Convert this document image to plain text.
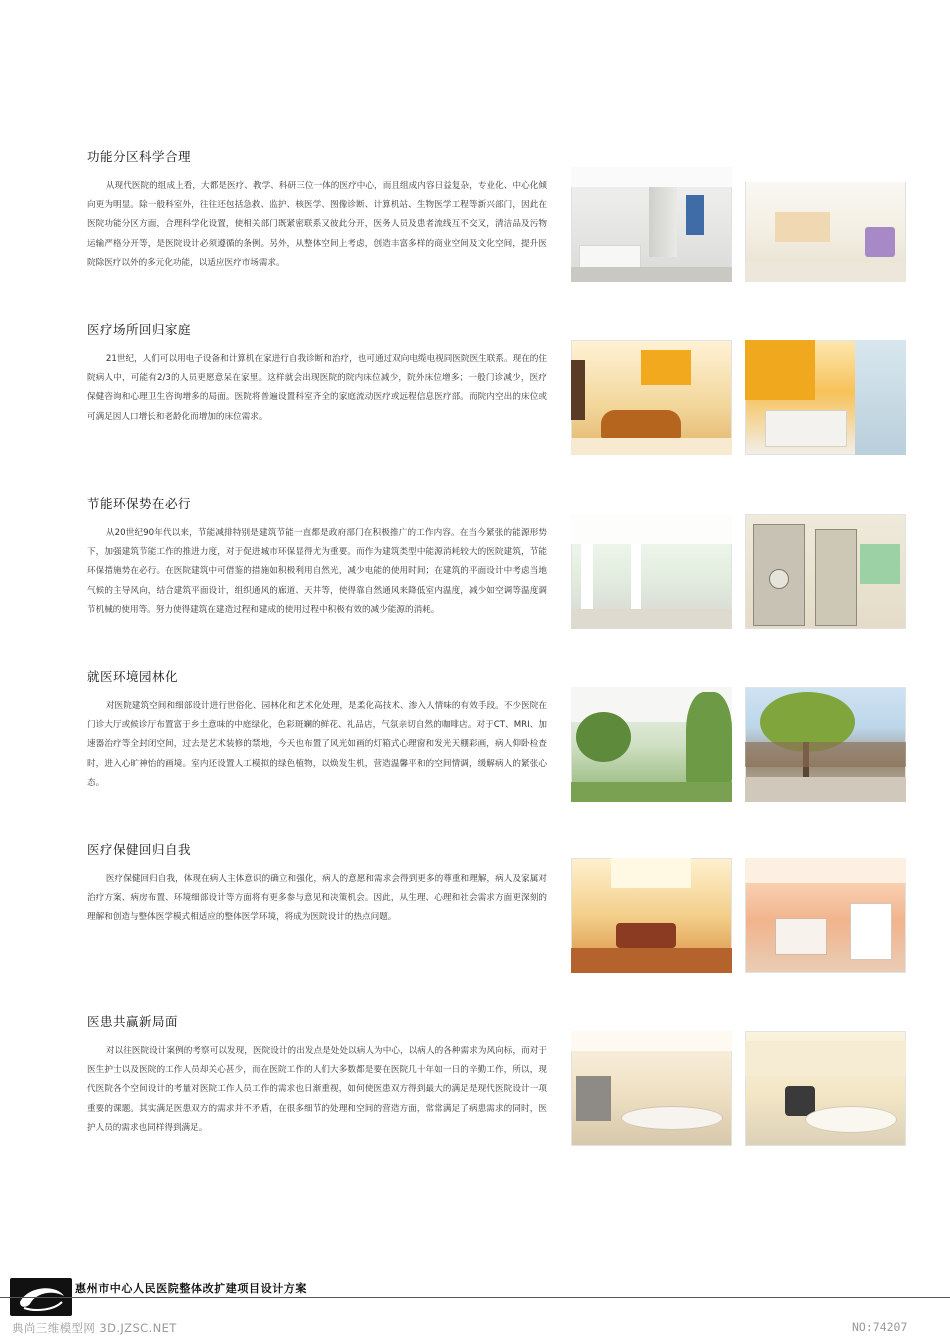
功能分区科学合理

从现代医院的组成上看，大都是医疗、教学、科研三位一体的医疗中心，而且组成内容日益复杂，专业化、中心化倾向更为明显。除一般科室外，往往还包括急救、监护、核医学、图像诊断、计算机站、生物医学工程等新兴部门，因此在医院功能分区方面，合理科学化设置，使相关部门既紧密联系又彼此分开，医务人员及患者流线互不交叉，清洁品及污物运输严格分开等，是医院设计必须遵循的条例。另外，从整体空间上考虑，创造丰富多样的商业空间及文化空间，提升医院除医疗以外的多元化功能，以适应医疗市场需求。

医疗场所回归家庭

21世纪，人们可以用电子设备和计算机在家进行自我诊断和治疗，也可通过双向电缆电视同医院医生联系。现在的住院病人中，可能有2/3的人员更愿意呆在家里。这样就会出现医院的院内床位减少，院外床位增多；一般门诊减少，医疗保健咨询和心理卫生咨询增多的局面。医院将普遍设置科室齐全的家庭流动医疗或远程信息医疗部。而院内空出的床位或可满足因人口增长和老龄化而增加的床位需求。

节能环保势在必行

从20世纪90年代以来，节能减排特别是建筑节能一直都是政府部门在积极推广的工作内容。在当今紧张的能源形势下，加强建筑节能工作的推进力度，对于促进城市环保显得尤为重要。而作为建筑类型中能源消耗较大的医院建筑，节能环保措施势在必行。在医院建筑中可借鉴的措施如积极利用自然光，减少电能的使用时间；在建筑的平面设计中考虑当地气候的主导风向，结合建筑平面设计，组织通风的廊道、天井等，使得靠自然通风来降低室内温度，减少如空调等温度调节机械的使用等。努力使得建筑在建造过程和建成的使用过程中积极有效的减少能源的消耗。

就医环境园林化

对医院建筑空间和细部设计进行世俗化、园林化和艺术化处理，是柔化高技术、渗入人情味的有效手段。不少医院在门诊大厅或候诊厅布置富于乡土意味的中庭绿化，色彩斑斓的鲜花、礼品店，气氛亲切自然的咖啡店。对于CT、MRI、加速器治疗等全封闭空间，过去是艺术装修的禁地，今天也布置了风光如画的灯箱式心理窗和发光天棚彩画，病人仰卧检查时，进入心旷神怡的画境。室内还设置人工模拟的绿色植物，以焕发生机，营造温馨平和的空间情调，缓解病人的紧张心态。

医疗保健回归自我

医疗保健回归自我，体现在病人主体意识的确立和强化，病人的意愿和需求会得到更多的尊重和理解，病人及家属对治疗方案、病房布置、环境细部设计等方面将有更多参与意见和决策机会。因此，从生理、心理和社会需求方面更深刻的理解和创造与整体医学模式相适应的整体医学环境，将成为医院设计的热点问题。

医患共赢新局面

对以往医院设计案例的考察可以发现，医院设计的出发点是处处以病人为中心，以病人的各种需求为风向标，而对于医生护士以及医院的工作人员却关心甚少，而在医院工作的人们大多数都是要在医院几十年如一日的辛勤工作，所以，现代医院各个空间设计的考量对医院工作人员工作的需求也日渐重视，如何使医患双方得到最大的满足是现代医院设计一项重要的课题。其实满足医患双方的需求并不矛盾，在很多细节的处理和空间的营造方面，常常满足了病患需求的同时，医护人员的需求也同样得到满足。

惠州市中心人民医院整体改扩建项目设计方案
典尚三维模型网 3D.JZSC.NET	NO:74207
